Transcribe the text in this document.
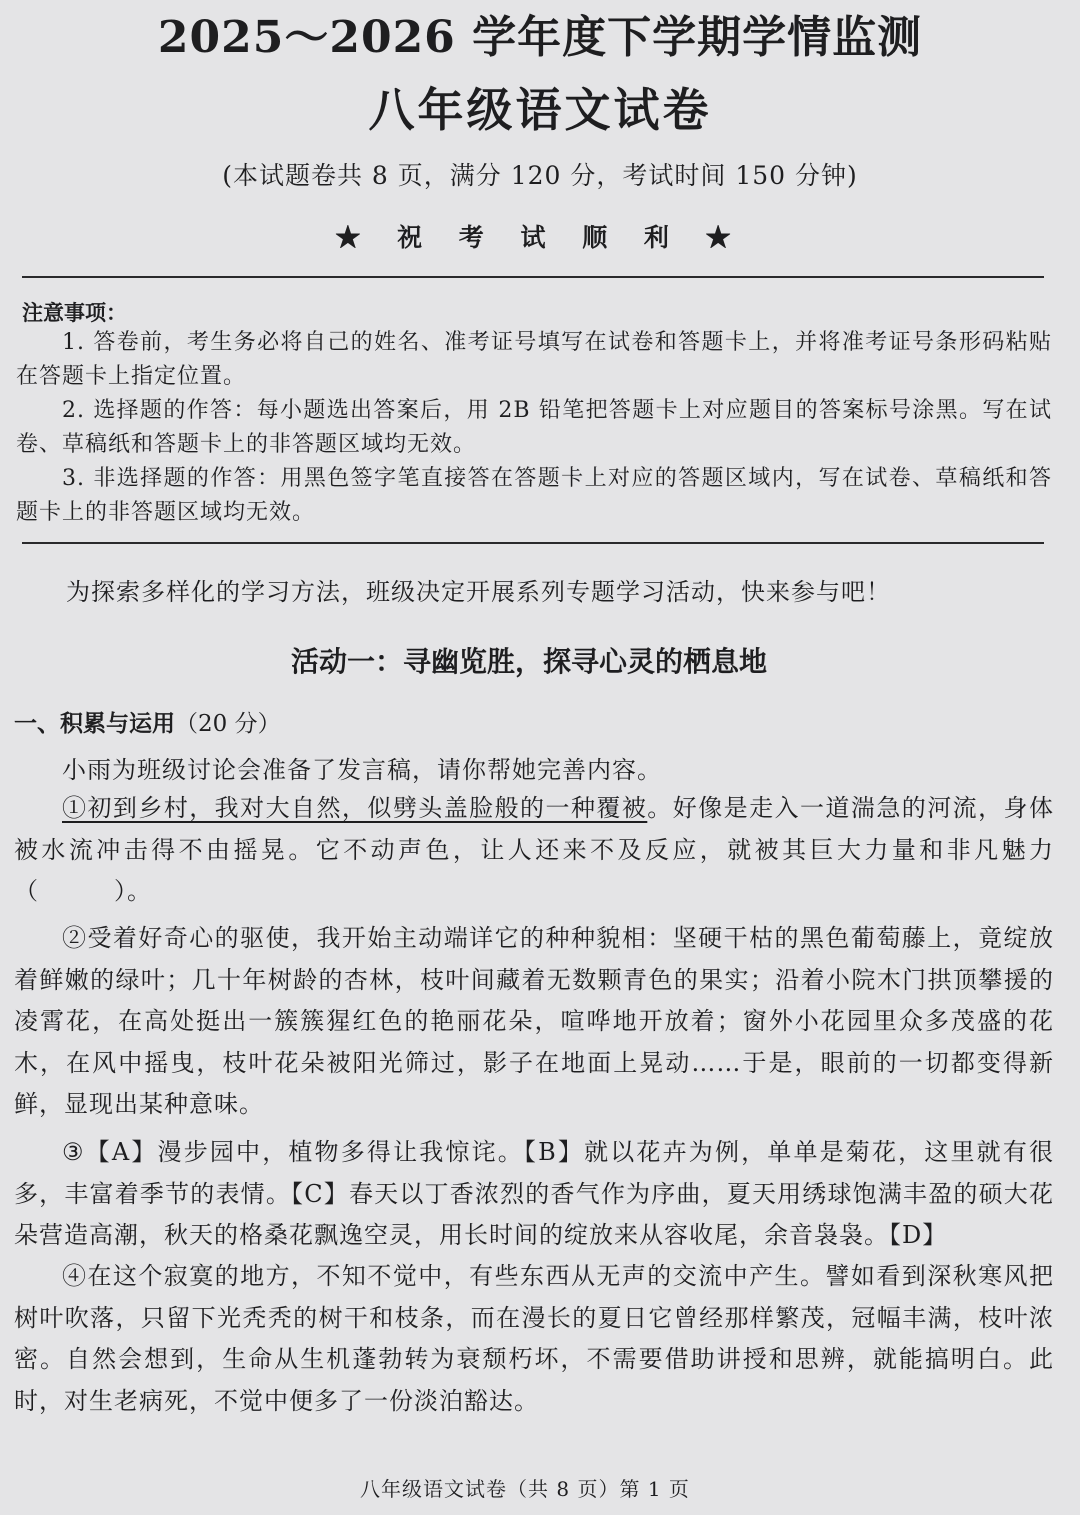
2025～2026 学年度下学期学情监测
八年级语文试卷
(本试题卷共 8 页，满分 120 分，考试时间 150 分钟)
★ 祝 考 试 顺 利 ★
注意事项：

1. 答卷前，考生务必将自己的姓名、准考证号填写在试卷和答题卡上，并将准考证号条形码粘贴在答题卡上指定位置。

2. 选择题的作答：每小题选出答案后，用 2B 铅笔把答题卡上对应题目的答案标号涂黑。写在试卷、草稿纸和答题卡上的非答题区域均无效。

3. 非选择题的作答：用黑色签字笔直接答在答题卡上对应的答题区域内，写在试卷、草稿纸和答题卡上的非答题区域均无效。

为探索多样化的学习方法，班级决定开展系列专题学习活动，快来参与吧！
活动一：寻幽览胜，探寻心灵的栖息地
一、积累与运用（20 分）
小雨为班级讨论会准备了发言稿，请你帮她完善内容。

①初到乡村，我对大自然，似劈头盖脸般的一种覆被。好像是走入一道湍急的河流，身体被水流冲击得不由摇晃。它不动声色，让人还来不及反应，就被其巨大力量和非凡魅力（　　　）。

②受着好奇心的驱使，我开始主动端详它的种种貌相：坚硬干枯的黑色葡萄藤上，竟绽放着鲜嫩的绿叶；几十年树龄的杏林，枝叶间藏着无数颗青色的果实；沿着小院木门拱顶攀援的凌霄花，在高处挺出一簇簇猩红色的艳丽花朵，喧哗地开放着；窗外小花园里众多茂盛的花木，在风中摇曳，枝叶花朵被阳光筛过，影子在地面上晃动……于是，眼前的一切都变得新鲜，显现出某种意味。

③【A】漫步园中，植物多得让我惊诧。【B】就以花卉为例，单单是菊花，这里就有很多，丰富着季节的表情。【C】春天以丁香浓烈的香气作为序曲，夏天用绣球饱满丰盈的硕大花朵营造高潮，秋天的格桑花飘逸空灵，用长时间的绽放来从容收尾，余音袅袅。【D】

④在这个寂寞的地方，不知不觉中，有些东西从无声的交流中产生。譬如看到深秋寒风把树叶吹落，只留下光秃秃的树干和枝条，而在漫长的夏日它曾经那样繁茂，冠幅丰满，枝叶浓密。自然会想到，生命从生机蓬勃转为衰颓朽坏，不需要借助讲授和思辨，就能搞明白。此时，对生老病死，不觉中便多了一份淡泊豁达。

八年级语文试卷（共 8 页）第 1 页
